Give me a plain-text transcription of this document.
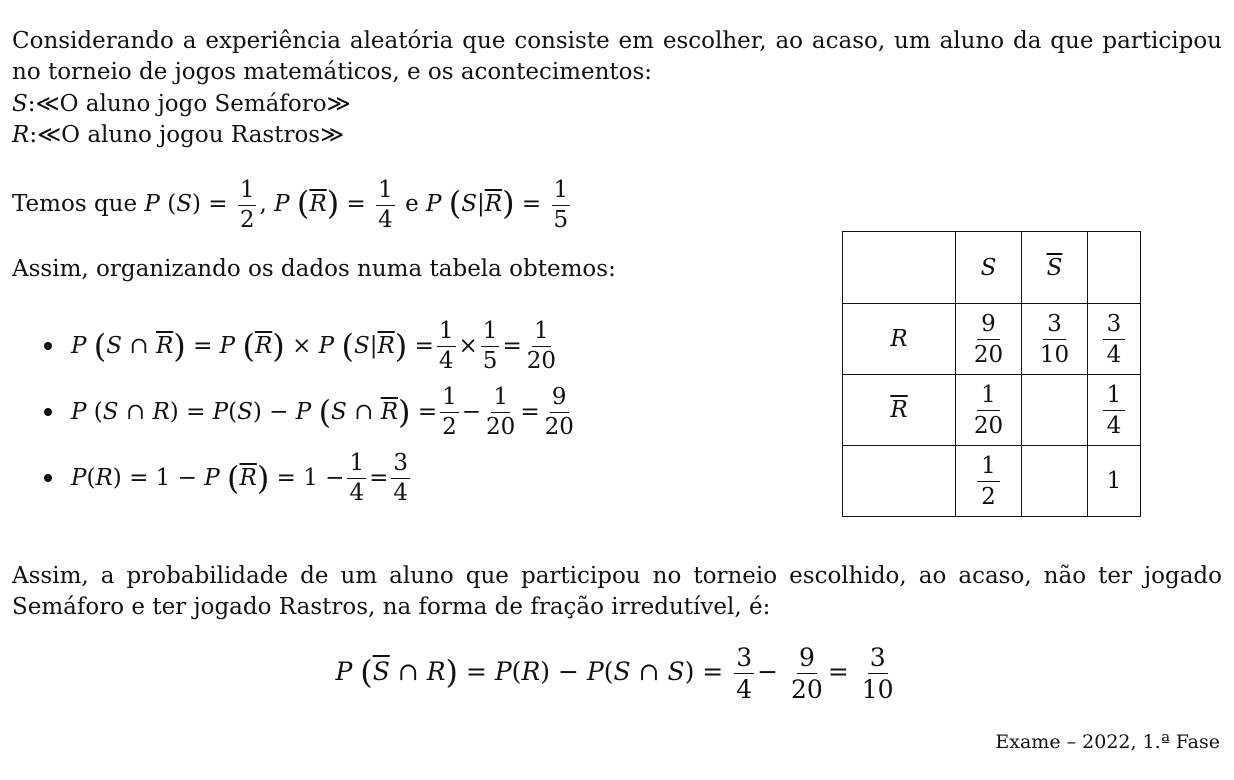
Considerando a experiência aleatória que consiste em escolher, ao acaso, um aluno da que participou no torneio de jogos matemáticos, e os acontecimentos:
S:≪O aluno jogo Semáforo≫
R:≪O aluno jogou Rastros≫
Temos que P $(S) = \frac{1}{2}$ , P $(\overline{R}) = \frac{1}{4}$ e P $(S|\overline{R}) = \frac{1}{5}$
Assim, organizando os dados numa tabela obtemos:
P
( S ∩ $\overline{R}$ ) = P
( $\overline{R}$ ) × P
( S | $\overline{R}$ ) = $\frac{1}{4} \times \frac{1}{5} = \frac{1}{20}$
P ( S ∩ R ) = P ( S ) − P
( S ∩ $\overline{R}$ ) = $\frac{1}{2} - \frac{1}{20} = \frac{9}{20}$
P ( R ) = 1 − P
( $\overline{R}$ ) = $1 - \frac{1}{4} = \frac{3}{4}$
	S	$\overline{S}$	
R	$\frac{9}{20}$	$\frac{3}{10}$	$\frac{3}{4}$

$\overline{R}$	$\frac{1}{20}$		$\frac{1}{4}$

	$\frac{1}{2}$		1
Assim, a probabilidade de um aluno que participou no torneio escolhido, ao acaso, não ter jogado Semáforo e ter jogado Rastros, na forma de fração irredutível, é:
P ($\overline{S}$ ∩ R) = P(R) − P(S ∩ $S) = \frac{3}{4} - \frac{9}{20} = \frac{3}{10}$
Exame – 2022, 1.ª Fase
